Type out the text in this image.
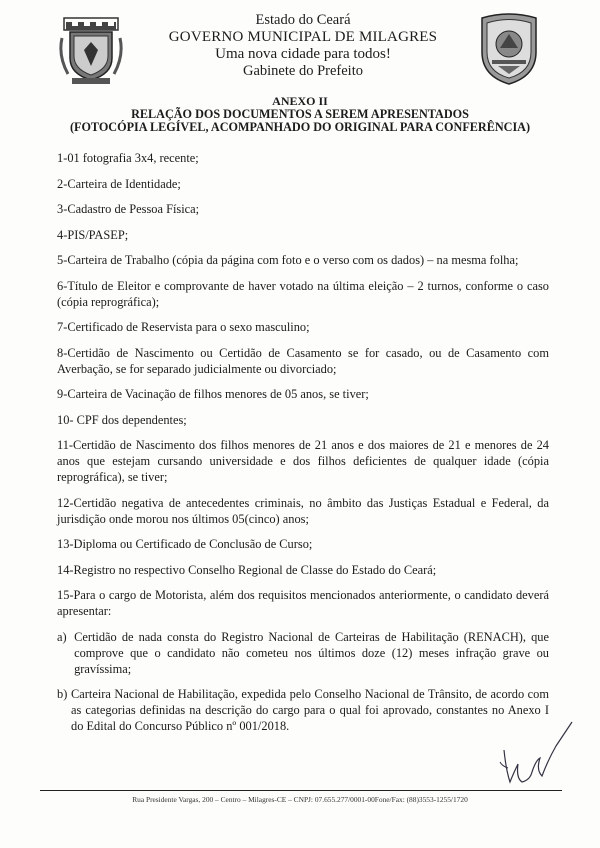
Estado do Ceará
GOVERNO MUNICIPAL DE MILAGRES
Uma nova cidade para todos!
Gabinete do Prefeito
ANEXO II
RELAÇÃO DOS DOCUMENTOS A SEREM APRESENTADOS
(FOTOCÓPIA LEGÍVEL, ACOMPANHADO DO ORIGINAL PARA CONFERÊNCIA)

1-01 fotografia 3x4, recente;

2-Carteira de Identidade;

3-Cadastro de Pessoa Física;

4-PIS/PASEP;

5-Carteira de Trabalho (cópia da página com foto e o verso com os dados) – na mesma folha;

6-Título de Eleitor e comprovante de haver votado na última eleição – 2 turnos, conforme o caso (cópia reprográfica);

7-Certificado de Reservista para o sexo masculino;

8-Certidão de Nascimento ou Certidão de Casamento se for casado, ou de Casamento com Averbação, se for separado judicialmente ou divorciado;

9-Carteira de Vacinação de filhos menores de 05 anos, se tiver;

10- CPF dos dependentes;

11-Certidão de Nascimento dos filhos menores de 21 anos e dos maiores de 21 e menores de 24 anos que estejam cursando universidade e dos filhos deficientes de qualquer idade (cópia reprográfica), se tiver;

12-Certidão negativa de antecedentes criminais, no âmbito das Justiças Estadual e Federal, da jurisdição onde morou nos últimos 05(cinco) anos;

13-Diploma ou Certificado de Conclusão de Curso;

14-Registro no respectivo Conselho Regional de Classe do Estado do Ceará;

15-Para o cargo de Motorista, além dos requisitos mencionados anteriormente, o candidato deverá apresentar:

a) Certidão de nada consta do Registro Nacional de Carteiras de Habilitação (RENACH), que comprove que o candidato não cometeu nos últimos doze (12) meses infração grave ou gravíssima;

b) Carteira Nacional de Habilitação, expedida pelo Conselho Nacional de Trânsito, de acordo com as categorias definidas na descrição do cargo para o qual foi aprovado, constantes no Anexo I do Edital do Concurso Público nº 001/2018.

Rua Presidente Vargas, 200 – Centro – Milagres-CE – CNPJ: 07.655.277/0001-00Fone/Fax: (88)3553-1255/1720
